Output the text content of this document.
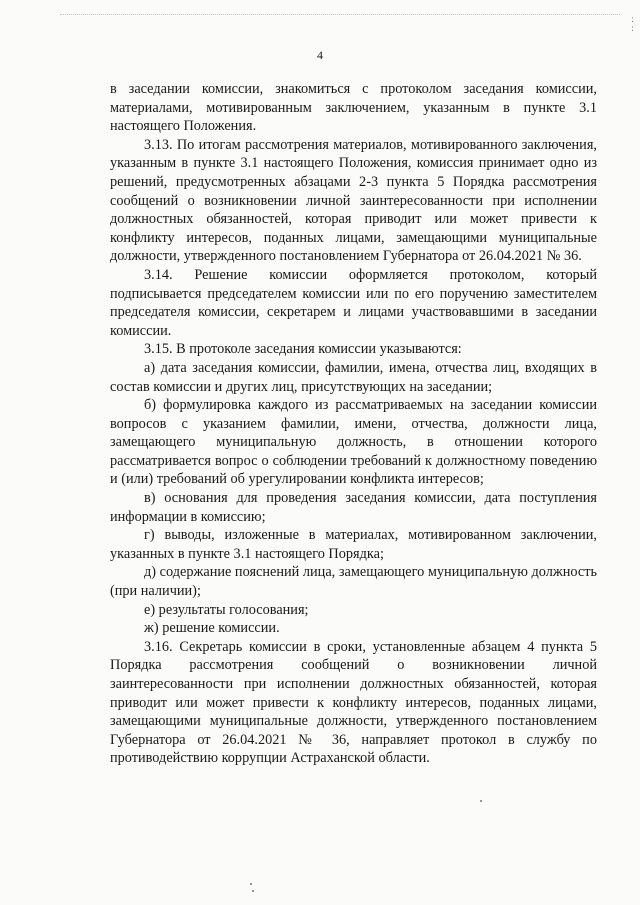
:
:
4

в заседании комиссии, знакомиться с протоколом заседания комиссии, материалами, мотивированным заключением, указанным в пункте 3.1 настоящего Положения.

3.13. По итогам рассмотрения материалов, мотивированного заключения, указанным в пункте 3.1 настоящего Положения, комиссия принимает одно из решений, предусмотренных абзацами 2-3 пункта 5 Порядка рассмотрения сообщений о возникновении личной заинтересованности при исполнении должностных обязанностей, которая приводит или может привести к конфликту интересов, поданных лицами, замещающими муниципальные должности, утвержденного постановлением Губернатора от 26.04.2021 № 36.

3.14. Решение комиссии оформляется протоколом, который подписывается председателем комиссии или по его поручению заместителем председателя комиссии, секретарем и лицами участвовавшими в заседании комиссии.

3.15. В протоколе заседания комиссии указываются:

а) дата заседания комиссии, фамилии, имена, отчества лиц, входящих в состав комиссии и других лиц, присутствующих на заседании;

б) формулировка каждого из рассматриваемых на заседании комиссии вопросов с указанием фамилии, имени, отчества, должности лица, замещающего муниципальную должность, в отношении которого рассматривается вопрос о соблюдении требований к должностному поведению и (или) требований об урегулировании конфликта интересов;

в) основания для проведения заседания комиссии, дата поступления информации в комиссию;

г) выводы, изложенные в материалах, мотивированном заключении, указанных в пункте 3.1 настоящего Порядка;

д) содержание пояснений лица, замещающего муниципальную должность (при наличии);

е) результаты голосования;

ж) решение комиссии.

3.16. Секретарь комиссии в сроки, установленные абзацем 4 пункта 5 Порядка рассмотрения сообщений о возникновении личной заинтересованности при исполнении должностных обязанностей, которая приводит или может привести к конфликту интересов, поданных лицами, замещающими муниципальные должности, утвержденного постановлением Губернатора от 26.04.2021 № 36, направляет протокол в службу по противодействию коррупции Астраханской области.
